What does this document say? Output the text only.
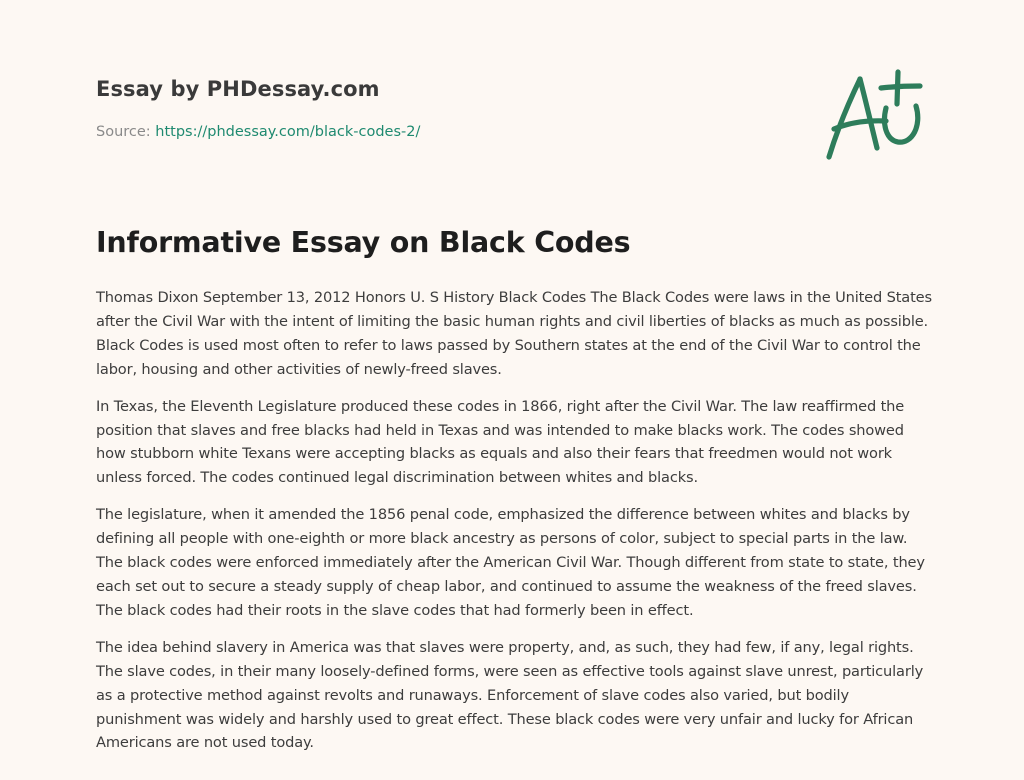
Essay by PHDessay.com

Source: https://phdessay.com/black-codes-2/

Informative Essay on Black Codes

Thomas Dixon September 13, 2012 Honors U. S History Black Codes The Black Codes were laws in the United States after the Civil War with the intent of limiting the basic human rights and civil liberties of blacks as much as possible. Black Codes is used most often to refer to laws passed by Southern states at the end of the Civil War to control the labor, housing and other activities of newly-freed slaves.

In Texas, the Eleventh Legislature produced these codes in 1866, right after the Civil War. The law reaffirmed the position that slaves and free blacks had held in Texas and was intended to make blacks work. The codes showed how stubborn white Texans were accepting blacks as equals and also their fears that freedmen would not work unless forced. The codes continued legal discrimination between whites and blacks.

The legislature, when it amended the 1856 penal code, emphasized the difference between whites and blacks by defining all people with one-eighth or more black ancestry as persons of color, subject to special parts in the law. The black codes were enforced immediately after the American Civil War. Though different from state to state, they each set out to secure a steady supply of cheap labor, and continued to assume the weakness of the freed slaves. The black codes had their roots in the slave codes that had formerly been in effect.

The idea behind slavery in America was that slaves were property, and, as such, they had few, if any, legal rights. The slave codes, in their many loosely-defined forms, were seen as effective tools against slave unrest, particularly as a protective method against revolts and runaways. Enforcement of slave codes also varied, but bodily punishment was widely and harshly used to great effect. These black codes were very unfair and lucky for African Americans are not used today.
